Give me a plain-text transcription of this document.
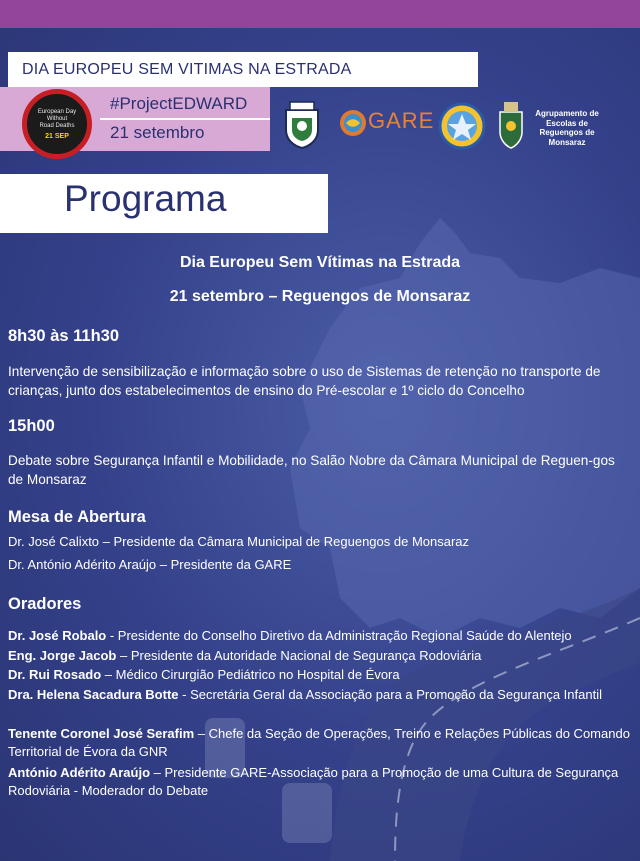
DIA EUROPEU SEM VITIMAS NA ESTRADA
European Day
Without
Road Deaths
21 SEP
#ProjectEDWARD
21 setembro	GARE	Agrupamento de Escolas de Reguengos de Monsaraz
Programa
Dia Europeu Sem Vítimas na Estrada
21 setembro – Reguengos de Monsaraz
8h30 às 11h30
Intervenção de sensibilização e informação sobre o uso de Sistemas de retenção no transporte de crianças, junto dos estabelecimentos de ensino do Pré-escolar e 1º ciclo do Concelho
15h00
Debate sobre Segurança Infantil e Mobilidade, no Salão Nobre da Câmara Municipal de Reguen-gos de Monsaraz
Mesa de Abertura
Dr. José Calixto – Presidente da Câmara Municipal de Reguengos de Monsaraz
Dr. António Adérito Araújo – Presidente da GARE
Oradores
Dr. José Robalo - Presidente do Conselho Diretivo da Administração Regional Saúde do Alentejo
Eng. Jorge Jacob – Presidente da Autoridade Nacional de Segurança Rodoviária
Dr. Rui Rosado – Médico Cirurgião Pediátrico no Hospital de Évora
Dra. Helena Sacadura Botte - Secretária Geral da Associação para a Promoção da Segurança Infantil
Tenente Coronel José Serafim – Chefe da Seção de Operações, Treino e Relações Públicas do Comando Territorial de Évora da GNR
António Adérito Araújo – Presidente GARE-Associação para a Promoção de uma Cultura de Segurança Rodoviária - Moderador do Debate
